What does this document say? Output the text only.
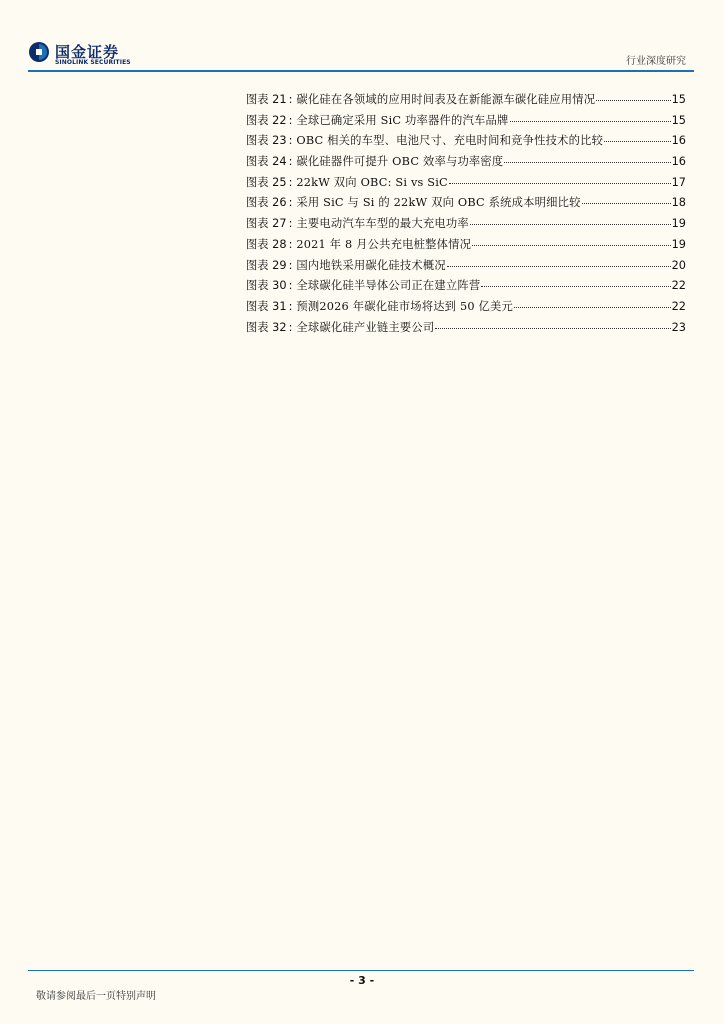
国金证券
SINOLINK SECURITIES	行业深度研究
图表 21 : 碳化硅在各领域的应用时间表及在新能源车碳化硅应用情况	15
图表 22 : 全球已确定采用 SiC 功率器件的汽车品牌	15
图表 23 : OBC 相关的车型、电池尺寸、充电时间和竞争性技术的比较	16
图表 24 : 碳化硅器件可提升 OBC 效率与功率密度	16
图表 25 : 22kW 双向 OBC: Si vs SiC	17
图表 26 : 采用 SiC 与 Si 的 22kW 双向 OBC 系统成本明细比较	18
图表 27 : 主要电动汽车车型的最大充电功率	19
图表 28 : 2021 年 8 月公共充电桩整体情况	19
图表 29 : 国内地铁采用碳化硅技术概况	20
图表 30 : 全球碳化硅半导体公司正在建立阵营	22
图表 31 : 预测2026 年碳化硅市场将达到 50 亿美元	22
图表 32 : 全球碳化硅产业链主要公司	23
- 3 -
敬请参阅最后一页特别声明
